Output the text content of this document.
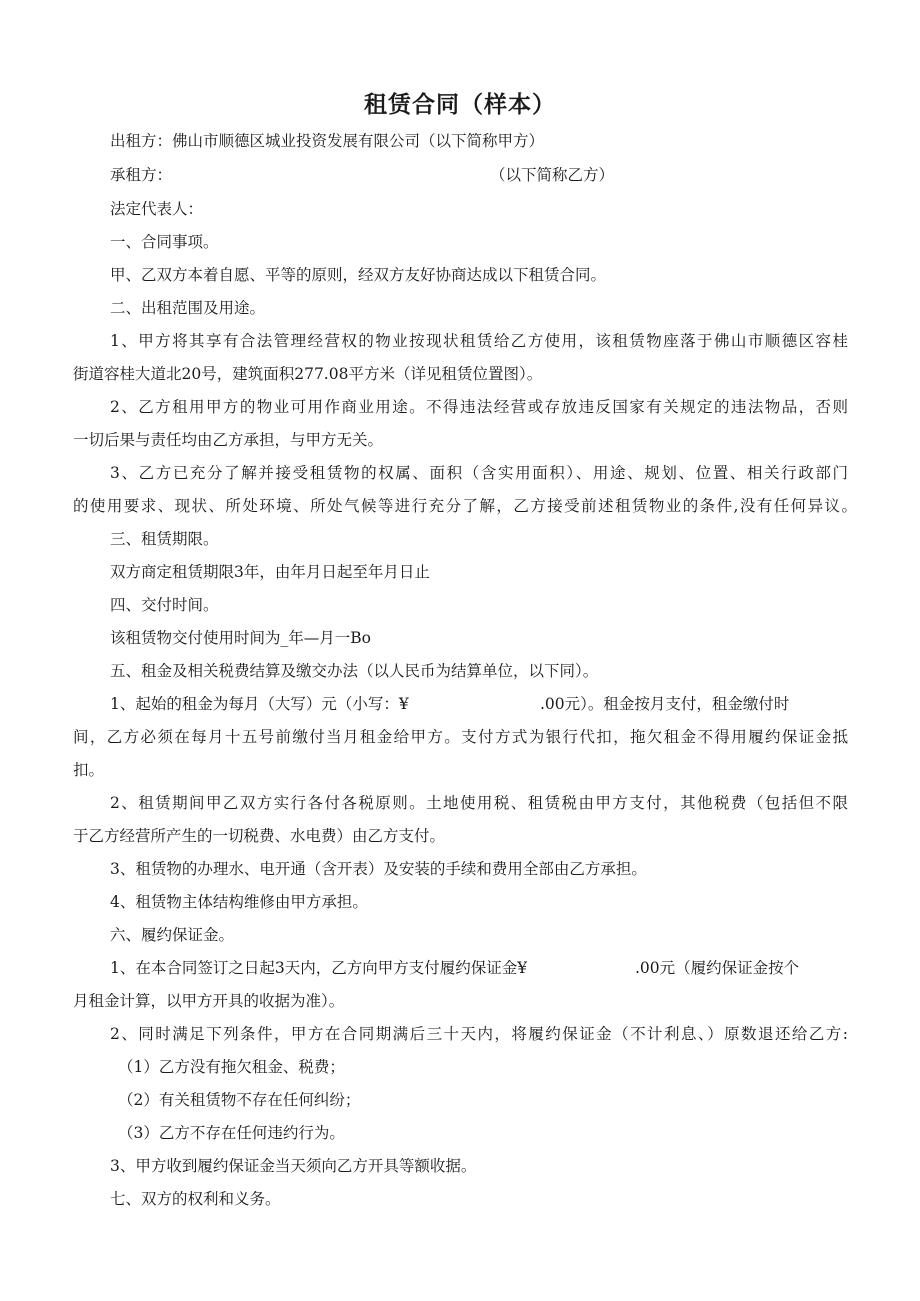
租赁合同（样本）
出租方：佛山市顺德区城业投资发展有限公司（以下简称甲方）
承租方：	（以下简称乙方）
法定代表人：
一、合同事项。
甲、乙双方本着自愿、平等的原则，经双方友好协商达成以下租赁合同。
二、出租范围及用途。
1、甲方将其享有合法管理经营权的物业按现状租赁给乙方使用，该租赁物座落于佛山市顺德区容桂
街道容桂大道北20号，建筑面积277.08平方米（详见租赁位置图）。
2、乙方租用甲方的物业可用作商业用途。不得违法经营或存放违反国家有关规定的违法物品，否则
一切后果与责任均由乙方承担，与甲方无关。
3、乙方已充分了解并接受租赁物的权属、面积（含实用面积）、用途、规划、位置、相关行政部门
的使用要求、现状、所处环境、所处气候等进行充分了解，乙方接受前述租赁物业的条件,没有任何异议。
三、租赁期限。
双方商定租赁期限3年，由年月日起至年月日止
四、交付时间。
该租赁物交付使用时间为_年—月一Bo
五、租金及相关税费结算及缴交办法（以人民币为结算单位，以下同）。
1、起始的租金为每月（大写）元（小写：¥	.00元）。租金按月支付，租金缴付时
间，乙方必须在每月十五号前缴付当月租金给甲方。支付方式为银行代扣，拖欠租金不得用履约保证金抵
扣。
2、租赁期间甲乙双方实行各付各税原则。土地使用税、租赁税由甲方支付，其他税费（包括但不限
于乙方经营所产生的一切税费、水电费）由乙方支付。
3、租赁物的办理水、电开通（含开表）及安装的手续和费用全部由乙方承担。
4、租赁物主体结构维修由甲方承担。
六、履约保证金。
1、在本合同签订之日起3天内，乙方向甲方支付履约保证金¥	.00元（履约保证金按个
月租金计算，以甲方开具的收据为准）。
2、同时满足下列条件，甲方在合同期满后三十天内，将履约保证金（不计利息、）原数退还给乙方:
（1）乙方没有拖欠租金、税费；
（2）有关租赁物不存在任何纠纷；
（3）乙方不存在任何违约行为。
3、甲方收到履约保证金当天须向乙方开具等额收据。
七、双方的权利和义务。
